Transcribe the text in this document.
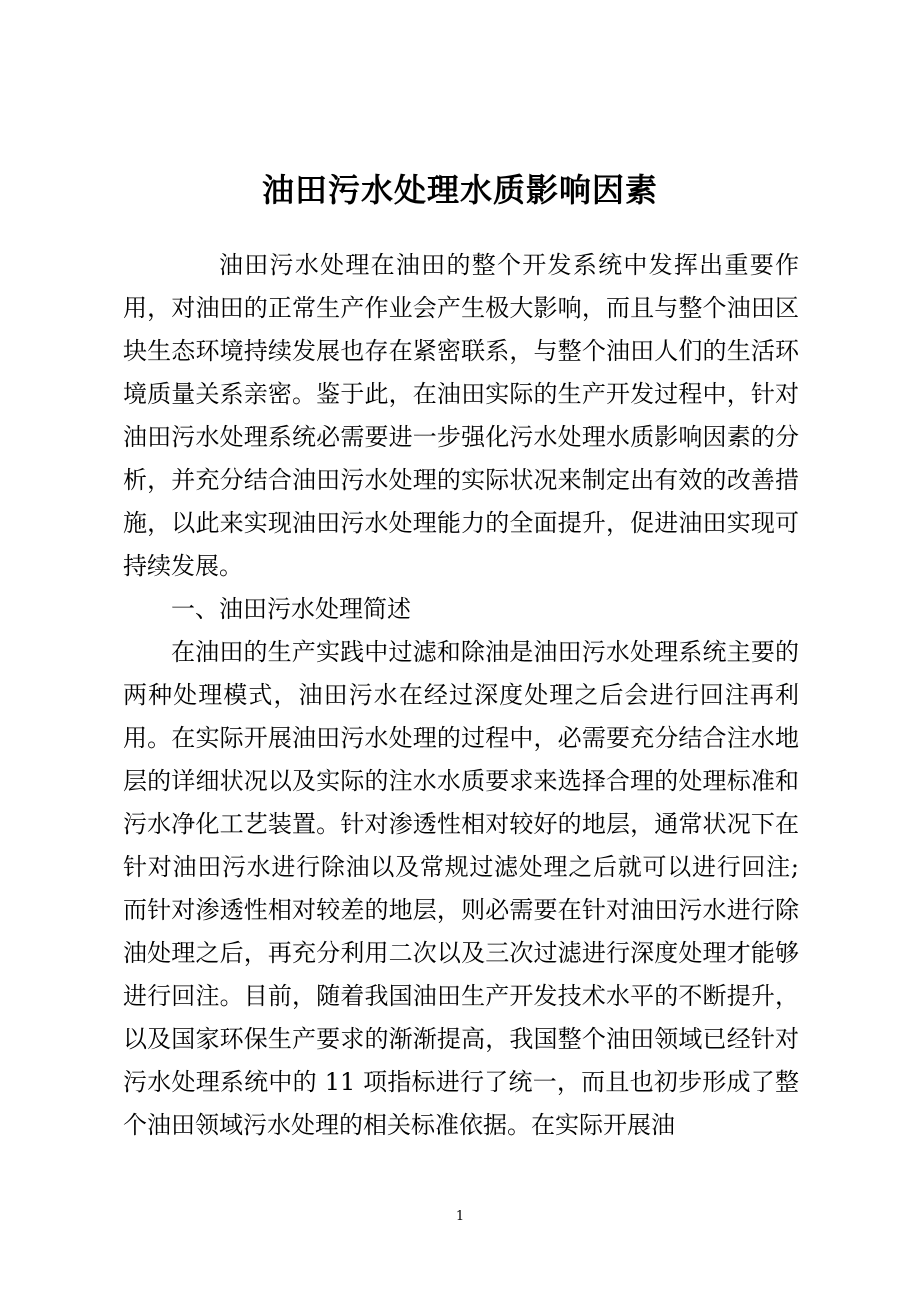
油田污水处理水质影响因素

油田污水处理在油田的整个开发系统中发挥出重要作用，对油田的正常生产作业会产生极大影响，而且与整个油田区块生态环境持续发展也存在紧密联系，与整个油田人们的生活环境质量关系亲密。鉴于此，在油田实际的生产开发过程中，针对油田污水处理系统必需要进一步强化污水处理水质影响因素的分析，并充分结合油田污水处理的实际状况来制定出有效的改善措施，以此来实现油田污水处理能力的全面提升，促进油田实现可持续发展。

一、油田污水处理简述

在油田的生产实践中过滤和除油是油田污水处理系统主要的两种处理模式，油田污水在经过深度处理之后会进行回注再利用。在实际开展油田污水处理的过程中，必需要充分结合注水地层的详细状况以及实际的注水水质要求来选择合理的处理标准和污水净化工艺装置。针对渗透性相对较好的地层，通常状况下在针对油田污水进行除油以及常规过滤处理之后就可以进行回注;而针对渗透性相对较差的地层，则必需要在针对油田污水进行除油处理之后，再充分利用二次以及三次过滤进行深度处理才能够进行回注。目前，随着我国油田生产开发技术水平的不断提升，以及国家环保生产要求的渐渐提高，我国整个油田领域已经针对污水处理系统中的 11 项指标进行了统一，而且也初步形成了整个油田领域污水处理的相关标准依据。在实际开展油

1
